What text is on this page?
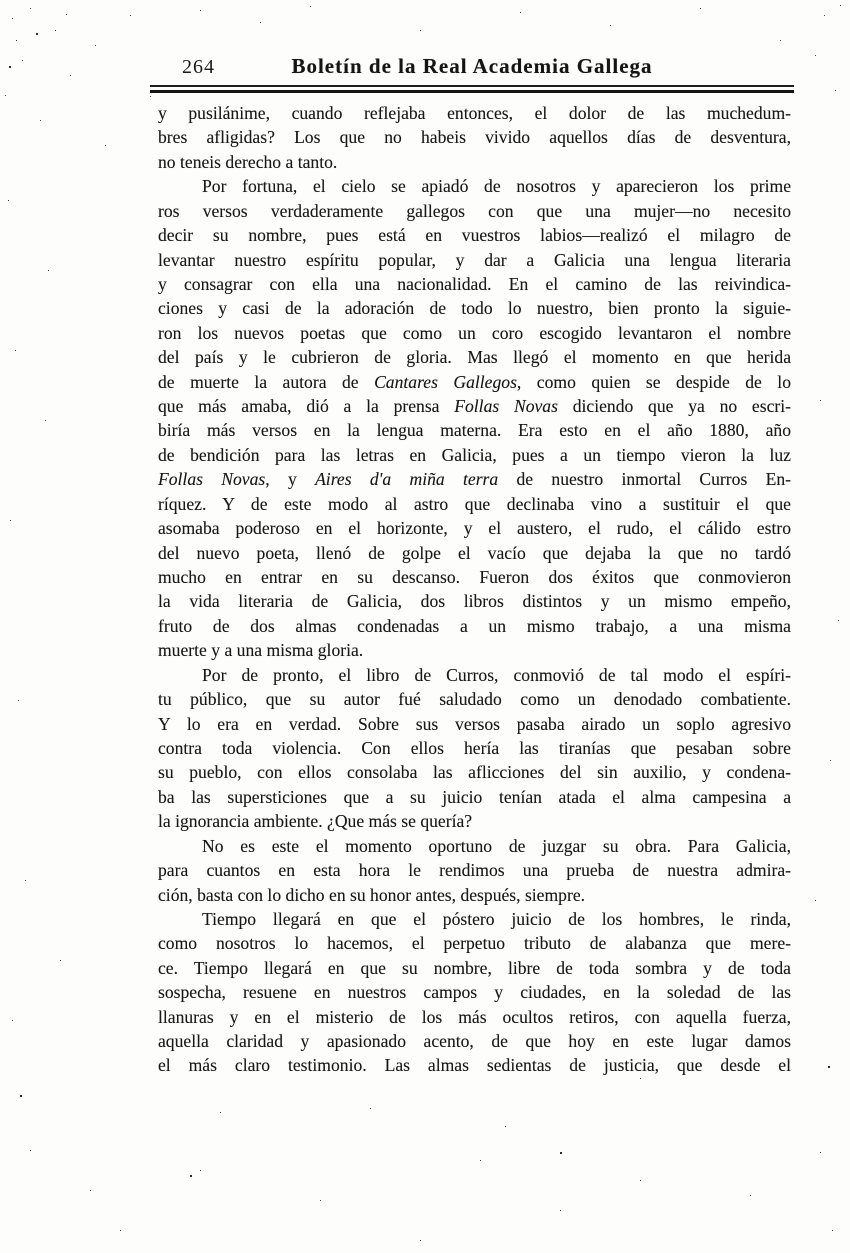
264	Boletín de la Real Academia Gallega
y pusilánime, cuando reflejaba entonces, el dolor de las muchedum-
bres afligidas? Los que no habeis vivido aquellos días de desventura,
no teneis derecho a tanto.
Por fortuna, el cielo se apiadó de nosotros y aparecieron los prime
ros versos verdaderamente gallegos con que una mujer—no necesito
decir su nombre, pues está en vuestros labios—realizó el milagro de
levantar nuestro espíritu popular, y dar a Galicia una lengua literaria
y consagrar con ella una nacionalidad. En el camino de las reivindica-
ciones y casi de la adoración de todo lo nuestro, bien pronto la siguie-
ron los nuevos poetas que como un coro escogido levantaron el nombre
del país y le cubrieron de gloria. Mas llegó el momento en que herida
de muerte la autora de Cantares Gallegos, como quien se despide de lo
que más amaba, dió a la prensa Follas Novas diciendo que ya no escri-
biría más versos en la lengua materna. Era esto en el año 1880, año
de bendición para las letras en Galicia, pues a un tiempo vieron la luz
Follas Novas, y Aires d'a miña terra de nuestro inmortal Curros En-
ríquez. Y de este modo al astro que declinaba vino a sustituir el que
asomaba poderoso en el horizonte, y el austero, el rudo, el cálido estro
del nuevo poeta, llenó de golpe el vacío que dejaba la que no tardó
mucho en entrar en su descanso. Fueron dos éxitos que conmovieron
la vida literaria de Galicia, dos libros distintos y un mismo empeño,
fruto de dos almas condenadas a un mismo trabajo, a una misma
muerte y a una misma gloria.
Por de pronto, el libro de Curros, conmovió de tal modo el espíri-
tu público, que su autor fué saludado como un denodado combatiente.
Y lo era en verdad. Sobre sus versos pasaba airado un soplo agresivo
contra toda violencia. Con ellos hería las tiranías que pesaban sobre
su pueblo, con ellos consolaba las aflicciones del sin auxilio, y condena-
ba las supersticiones que a su juicio tenían atada el alma campesina a
la ignorancia ambiente. ¿Que más se quería?
No es este el momento oportuno de juzgar su obra. Para Galicia,
para cuantos en esta hora le rendimos una prueba de nuestra admira-
ción, basta con lo dicho en su honor antes, después, siempre.
Tiempo llegará en que el póstero juicio de los hombres, le rinda,
como nosotros lo hacemos, el perpetuo tributo de alabanza que mere-
ce. Tiempo llegará en que su nombre, libre de toda sombra y de toda
sospecha, resuene en nuestros campos y ciudades, en la soledad de las
llanuras y en el misterio de los más ocultos retiros, con aquella fuerza,
aquella claridad y apasionado acento, de que hoy en este lugar damos
el más claro testimonio. Las almas sedientas de justicia, que desde el
